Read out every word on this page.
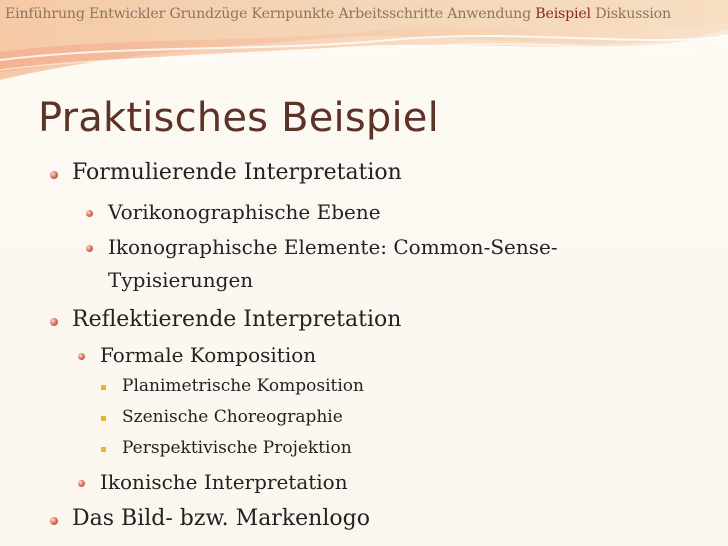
Einführung Entwickler Grundzüge Kernpunkte Arbeitsschritte Anwendung Beispiel Diskussion
Praktisches Beispiel
Formulierende Interpretation
Vorikonographische Ebene
Ikonographische Elemente: Common-Sense-
Typisierungen
Reflektierende Interpretation
Formale Komposition
Planimetrische Komposition
Szenische Choreographie
Perspektivische Projektion
Ikonische Interpretation
Das Bild- bzw. Markenlogo
